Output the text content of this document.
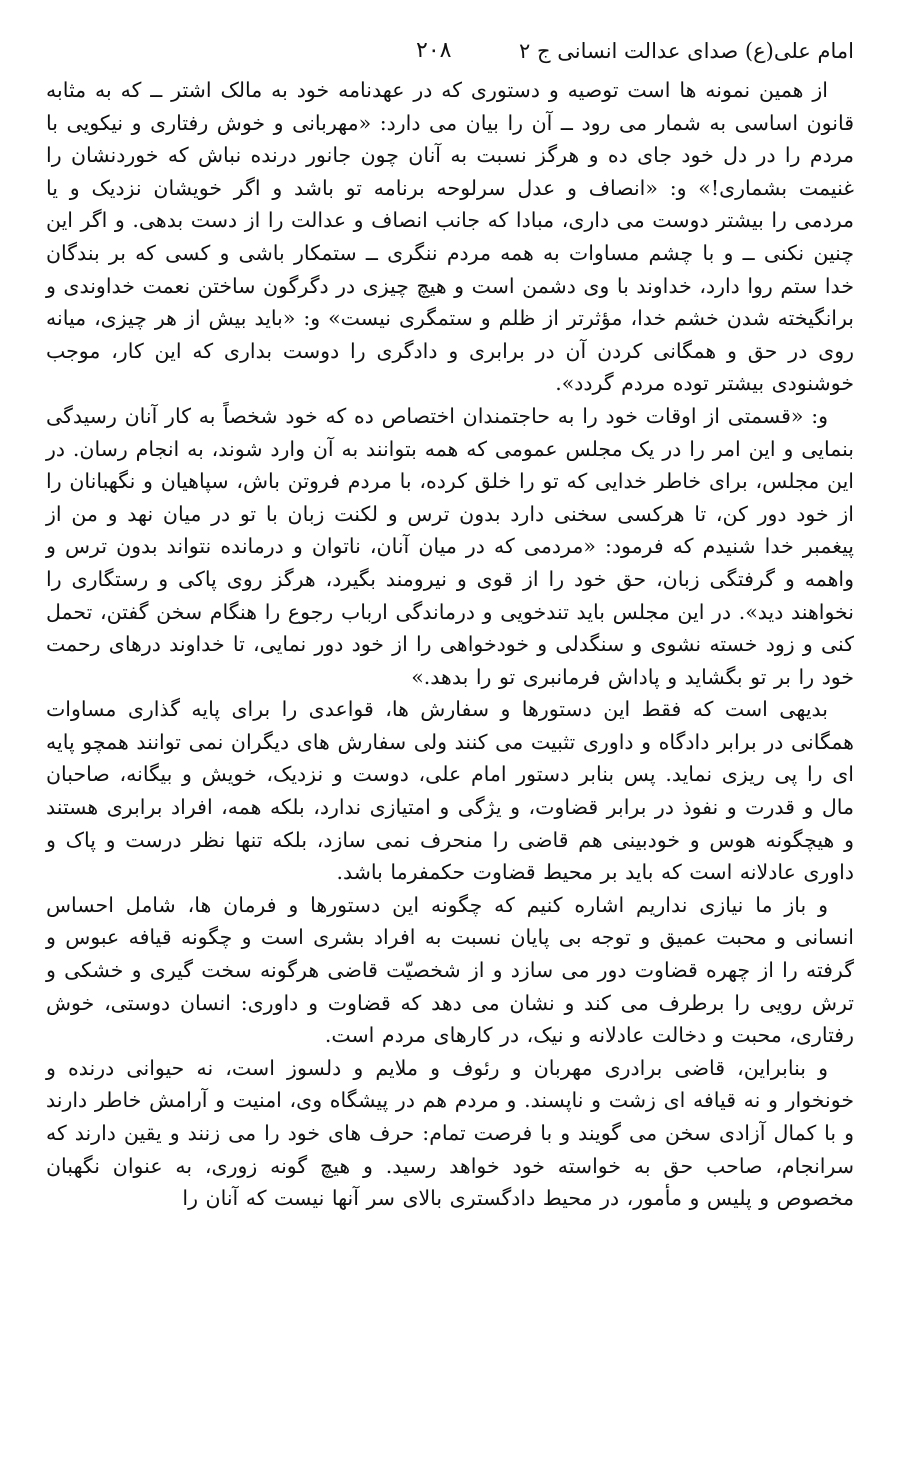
امام علی(ع) صدای عدالت انسانی ج ۲
۲۰۸

از همین نمونه ها است توصیه و دستوری که در عهدنامه خود به مالک اشتر ــ که به مثابه قانون اساسی به شمار می رود ــ آن را بیان می دارد: «مهربانی و خوش رفتاری و نیکویی با مردم را در دل خود جای ده و هرگز نسبت به آنان چون جانور درنده نباش که خوردنشان را غنیمت بشماری!» و: «انصاف و عدل سرلوحه برنامه تو باشد و اگر خویشان نزدیک و یا مردمی را بیشتر دوست می داری، مبادا که جانب انصاف و عدالت را از دست بدهی. و اگر این چنین نکنی ــ و با چشم مساوات به همه مردم ننگری ــ ستمکار باشی و کسی که بر بندگان خدا ستم روا دارد، خداوند با وی دشمن است و هیچ چیزی در دگرگون ساختن نعمت خداوندی و برانگیخته شدن خشم خدا، مؤثرتر از ظلم و ستمگری نیست» و: «باید بیش از هر چیزی، میانه روی در حق و همگانی کردن آن در برابری و دادگری را دوست بداری که این کار، موجب خوشنودی بیشتر توده مردم گردد».

و: «قسمتی از اوقات خود را به حاجتمندان اختصاص ده که خود شخصاً به کار آنان رسیدگی بنمایی و این امر را در یک مجلس عمومی که همه بتوانند به آن وارد شوند، به انجام رسان. در این مجلس، برای خاطر خدایی که تو را خلق کرده، با مردم فروتن باش، سپاهیان و نگهبانان را از خود دور کن، تا هرکسی سخنی دارد بدون ترس و لکنت زبان با تو در میان نهد و من از پیغمبر خدا شنیدم که فرمود: «مردمی که در میان آنان، ناتوان و درمانده نتواند بدون ترس و واهمه و گرفتگی زبان، حق خود را از قوی و نیرومند بگیرد، هرگز روی پاکی و رستگاری را نخواهند دید». در این مجلس باید تندخویی و درماندگی ارباب رجوع را هنگام سخن گفتن، تحمل کنی و زود خسته نشوی و سنگدلی و خودخواهی را از خود دور نمایی، تا خداوند درهای رحمت خود را بر تو بگشاید و پاداش فرمانبری تو را بدهد.»

بدیهی است که فقط این دستورها و سفارش ها، قواعدی را برای پایه گذاری مساوات همگانی در برابر دادگاه و داوری تثبیت می کنند ولی سفارش های دیگران نمی توانند همچو پایه ای را پی ریزی نماید. پس بنابر دستور امام علی، دوست و نزدیک، خویش و بیگانه، صاحبان مال و قدرت و نفوذ در برابر قضاوت، و یژگی و امتیازی ندارد، بلکه همه، افراد برابری هستند و هیچگونه هوس و خودبینی هم قاضی را منحرف نمی سازد، بلکه تنها نظر درست و پاک و داوری عادلانه است که باید بر محیط قضاوت حکمفرما باشد.

و باز ما نیازی نداریم اشاره کنیم که چگونه این دستورها و فرمان ها، شامل احساس انسانی و محبت عمیق و توجه بی پایان نسبت به افراد بشری است و چگونه قیافه عبوس و گرفته را از چهره قضاوت دور می سازد و از شخصیّت قاضی هرگونه سخت گیری و خشکی و ترش رویی را برطرف می کند و نشان می دهد که قضاوت و داوری: انسان دوستی، خوش رفتاری، محبت و دخالت عادلانه و نیک، در کارهای مردم است.

و بنابراین، قاضی برادری مهربان و رئوف و ملایم و دلسوز است، نه حیوانی درنده و خونخوار و نه قیافه ای زشت و ناپسند. و مردم هم در پیشگاه وی، امنیت و آرامش خاطر دارند و با کمال آزادی سخن می گویند و با فرصت تمام: حرف های خود را می زنند و یقین دارند که سرانجام، صاحب حق به خواسته خود خواهد رسید. و هیچ گونه زوری، به عنوان نگهبان مخصوص و پلیس و مأمور، در محیط دادگستری بالای سر آنها نیست که آنان را
